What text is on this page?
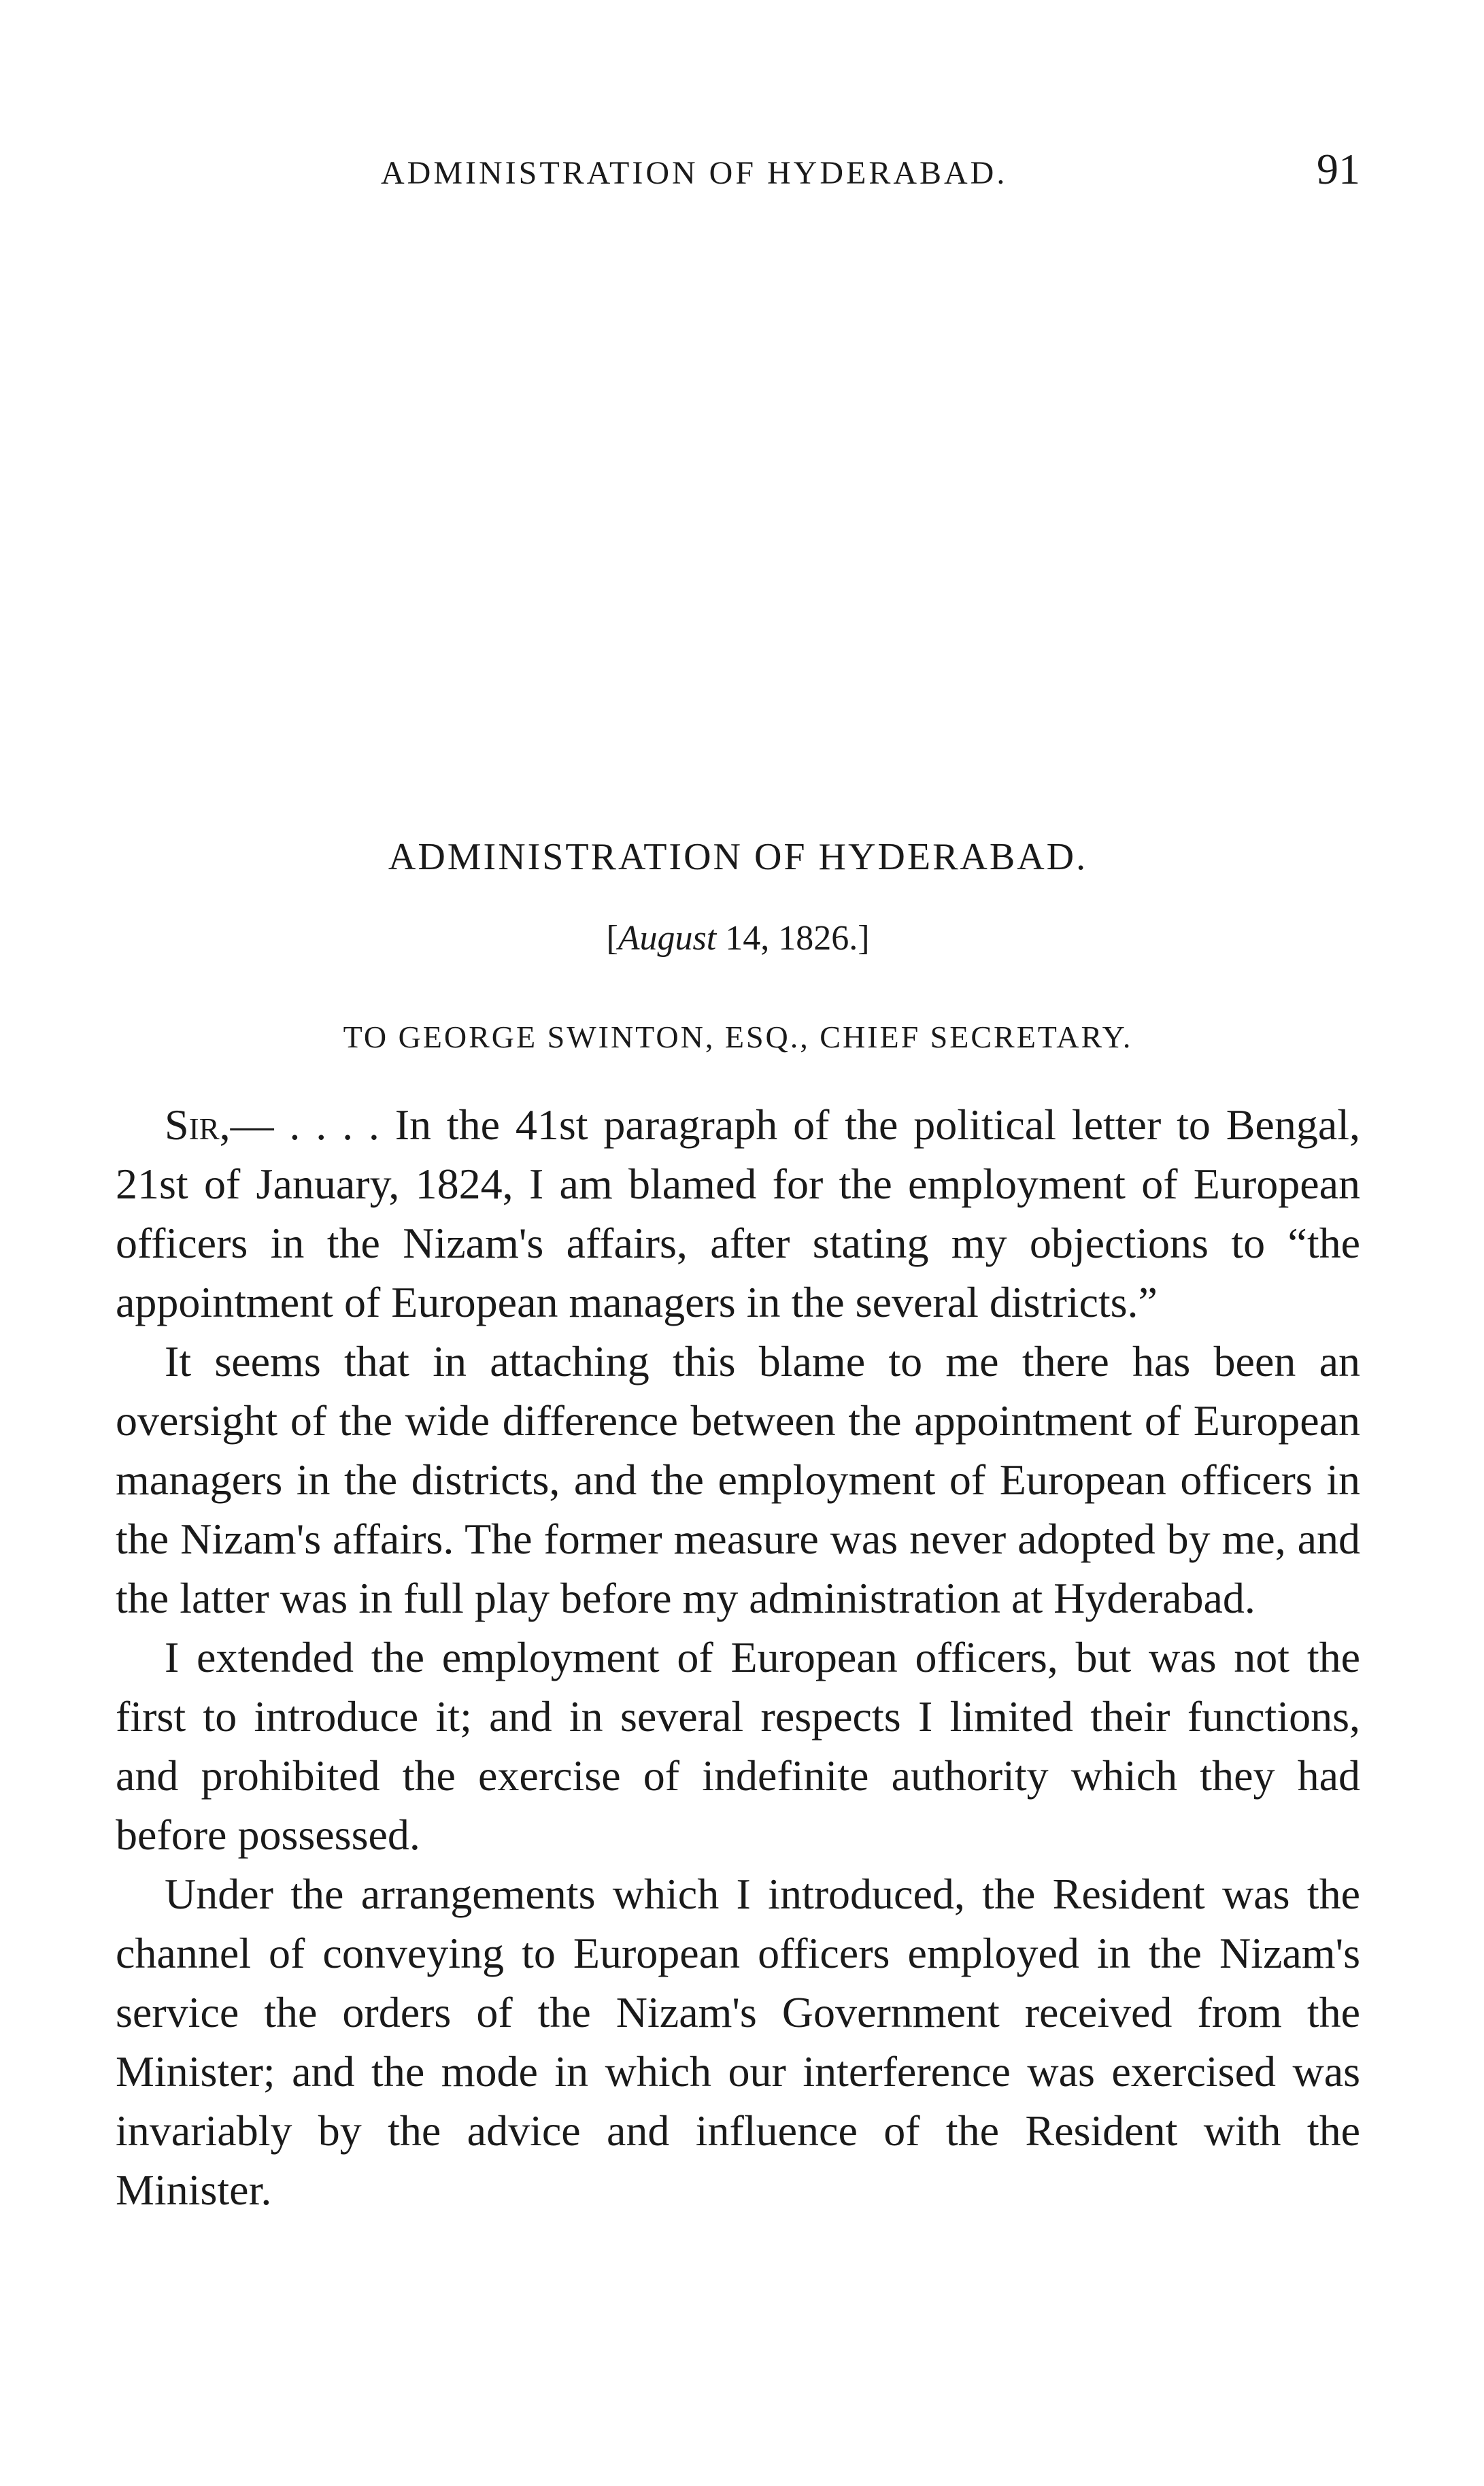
ADMINISTRATION OF HYDERABAD.	91
ADMINISTRATION OF HYDERABAD.
[August 14, 1826.]
TO GEORGE SWINTON, ESQ., CHIEF SECRETARY.

Sir,— . . . . In the 41st paragraph of the political letter to Bengal, 21st of January, 1824, I am blamed for the employment of European officers in the Nizam's affairs, after stating my objections to “the appointment of European managers in the several districts.”

It seems that in attaching this blame to me there has been an oversight of the wide difference between the appointment of European managers in the districts, and the employment of European officers in the Nizam's affairs. The former measure was never adopted by me, and the latter was in full play before my administration at Hyderabad.

I extended the employment of European officers, but was not the first to introduce it; and in several respects I limited their functions, and prohibited the exercise of indefinite authority which they had before possessed.

Under the arrangements which I introduced, the Resident was the channel of conveying to European officers employed in the Nizam's service the orders of the Nizam's Government received from the Minister; and the mode in which our interference was exercised was invariably by the advice and influence of the Resident with the Minister.
